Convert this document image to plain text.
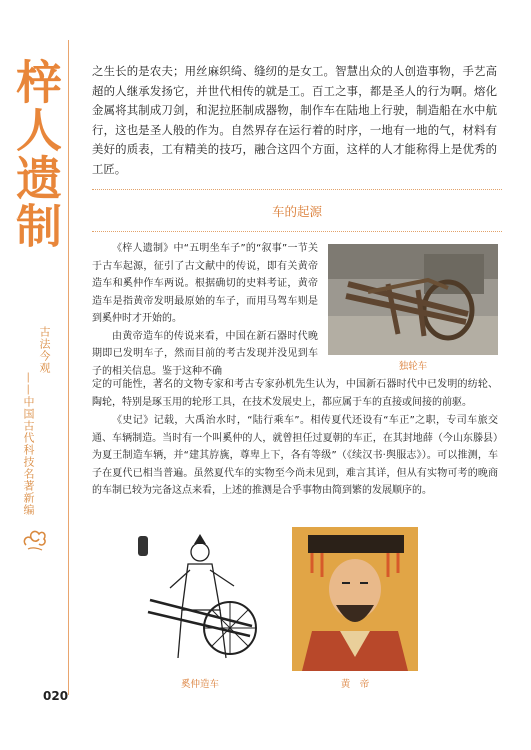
梓人遗制
古法今观
——中国古代科技名著新编
之生长的是农夫；用丝麻织绮、缝纫的是女工。智慧出众的人创造事物，手艺高超的人继承发扬它，并世代相传的就是工。百工之事，都是圣人的行为啊。熔化金属将其制成刀剑，和泥拉胚制成器物，制作车在陆地上行驶，制造船在水中航行，这也是圣人般的作为。自然界存在运行着的时序，一地有一地的气，材料有美好的质表，工有精美的技巧，融合这四个方面，这样的人才能称得上是优秀的工匠。
车的起源
《梓人遗制》中“五明坐车子”的“叙事”一节关于古车起源，征引了古文献中的传说，即有关黄帝造车和奚仲作车两说。根据确切的史料考证，黄帝造车是指黄帝发明最原始的车子，而用马驾车则是到奚仲时才开始的。
由黄帝造车的传说来看，中国在新石器时代晚期即已发明车子，然而目前的考古发现并没见到车子的相关信息。鉴于这种不确	独轮车
定的可能性，著名的文物专家和考古专家孙机先生认为，中国新石器时代中已发明的纺轮、陶轮，特别是琢玉用的轮形工具，在技术发展史上，都应属于车的直接或间接的前驱。
《史记》记载，大禹治水时，“陆行乘车”。相传夏代还设有“车正”之职，专司车旅交通、车辆制造。当时有一个叫奚仲的人，就曾担任过夏朝的车正，在其封地薛（今山东滕县）为夏王制造车辆，并“建其斿旐，尊卑上下，各有等级”（《续汉书·舆服志》）。可以推测，车子在夏代已相当普遍。虽然夏代车的实物至今尚未见到，难言其详，但从有实物可考的晚商的车制已较为完备这点来看，上述的推测是合乎事物由简到繁的发展顺序的。
奚仲造车	黄　帝
020
